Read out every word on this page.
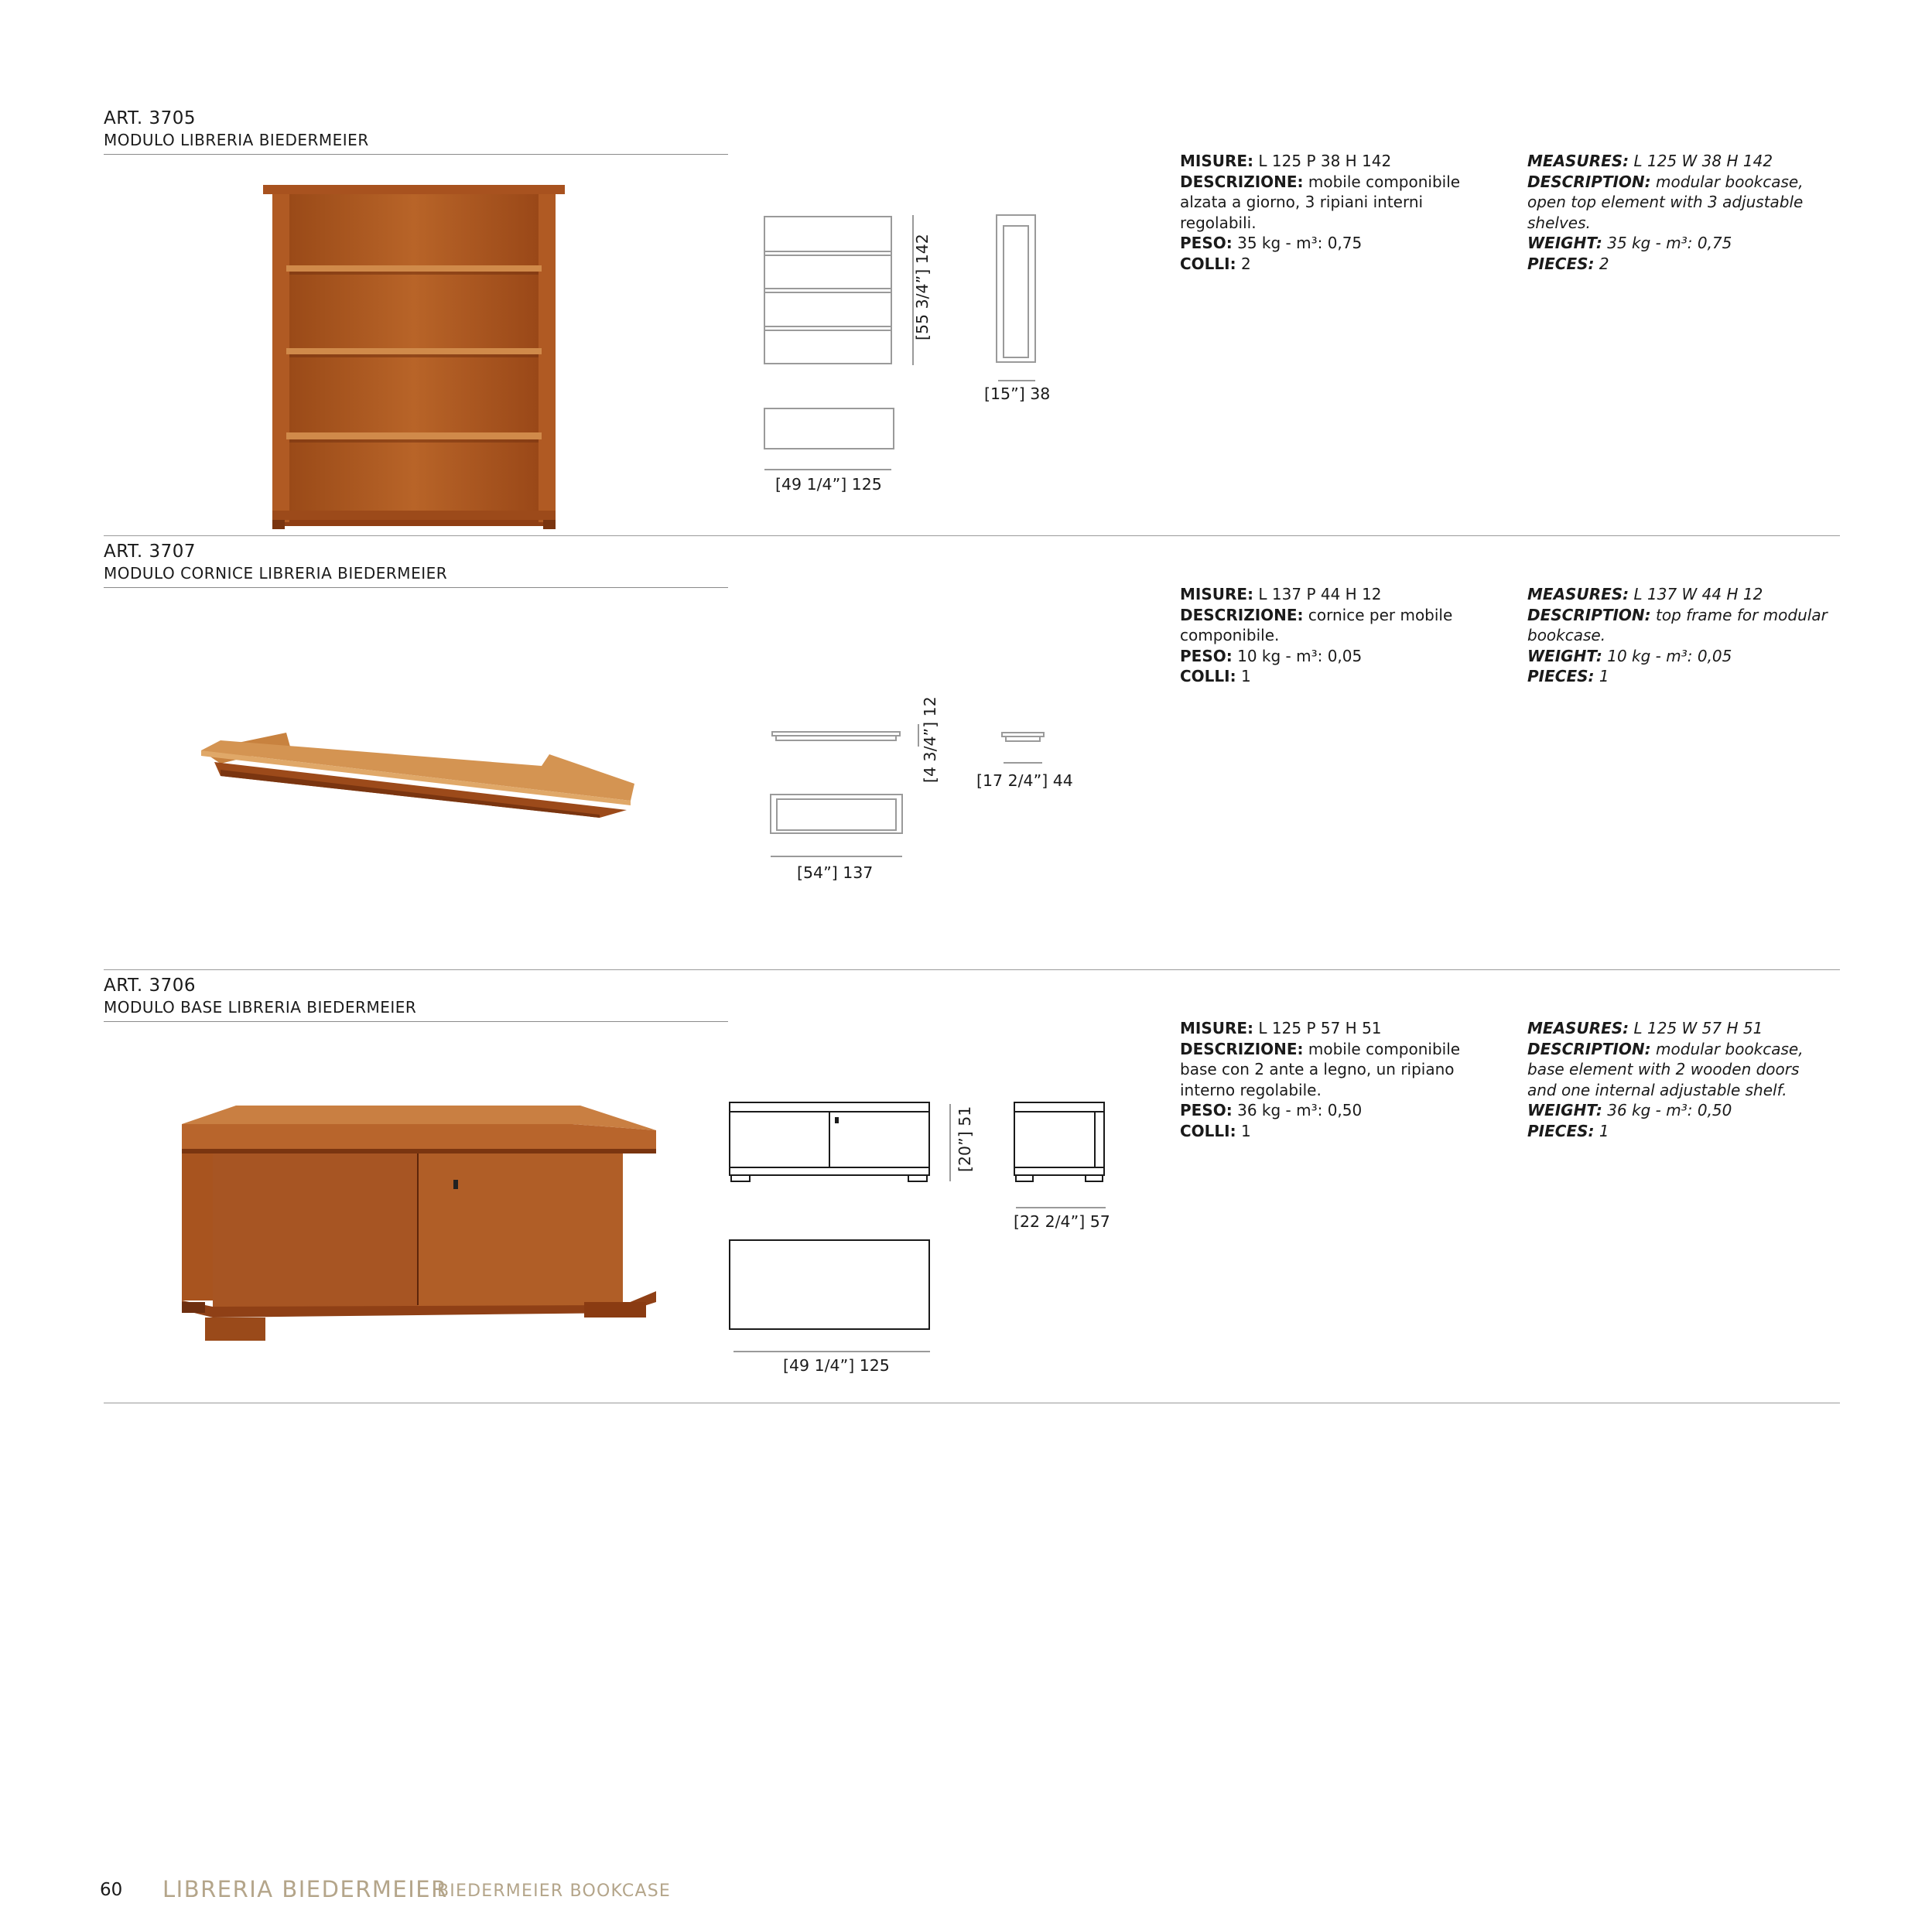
ART. 3705
MODULO LIBRERIA BIEDERMEIER
[55 3/4”] 142
[49 1/4”] 125
[15”] 38
MISURE: L 125 P 38 H 142
DESCRIZIONE: mobile componibile alzata a giorno, 3 ripiani interni regolabili.
PESO: 35 kg - m³: 0,75
COLLI: 2
MEASURES: L 125 W 38 H 142
DESCRIPTION: modular bookcase, open top element with 3 adjustable shelves.
WEIGHT: 35 kg - m³: 0,75
PIECES: 2
ART. 3707
MODULO CORNICE LIBRERIA BIEDERMEIER
[4 3/4”] 12
[54”] 137
[17 2/4”] 44
MISURE: L 137 P 44 H 12
DESCRIZIONE: cornice per mobile componibile.
PESO: 10 kg - m³: 0,05
COLLI: 1
MEASURES: L 137 W 44 H 12
DESCRIPTION: top frame for modular bookcase.
WEIGHT: 10 kg - m³: 0,05
PIECES: 1
ART. 3706
MODULO BASE LIBRERIA BIEDERMEIER
[20”] 51
[49 1/4”] 125
[22 2/4”] 57
MISURE: L 125 P 57 H 51
DESCRIZIONE: mobile componibile base con 2 ante a legno, un ripiano interno regolabile.
PESO: 36 kg - m³: 0,50
COLLI: 1
MEASURES: L 125 W 57 H 51
DESCRIPTION: modular bookcase, base element with 2 wooden doors and one internal adjustable shelf.
WEIGHT: 36 kg - m³: 0,50
PIECES: 1
60 LIBRERIA BIEDERMEIER
BIEDERMEIER BOOKCASE
